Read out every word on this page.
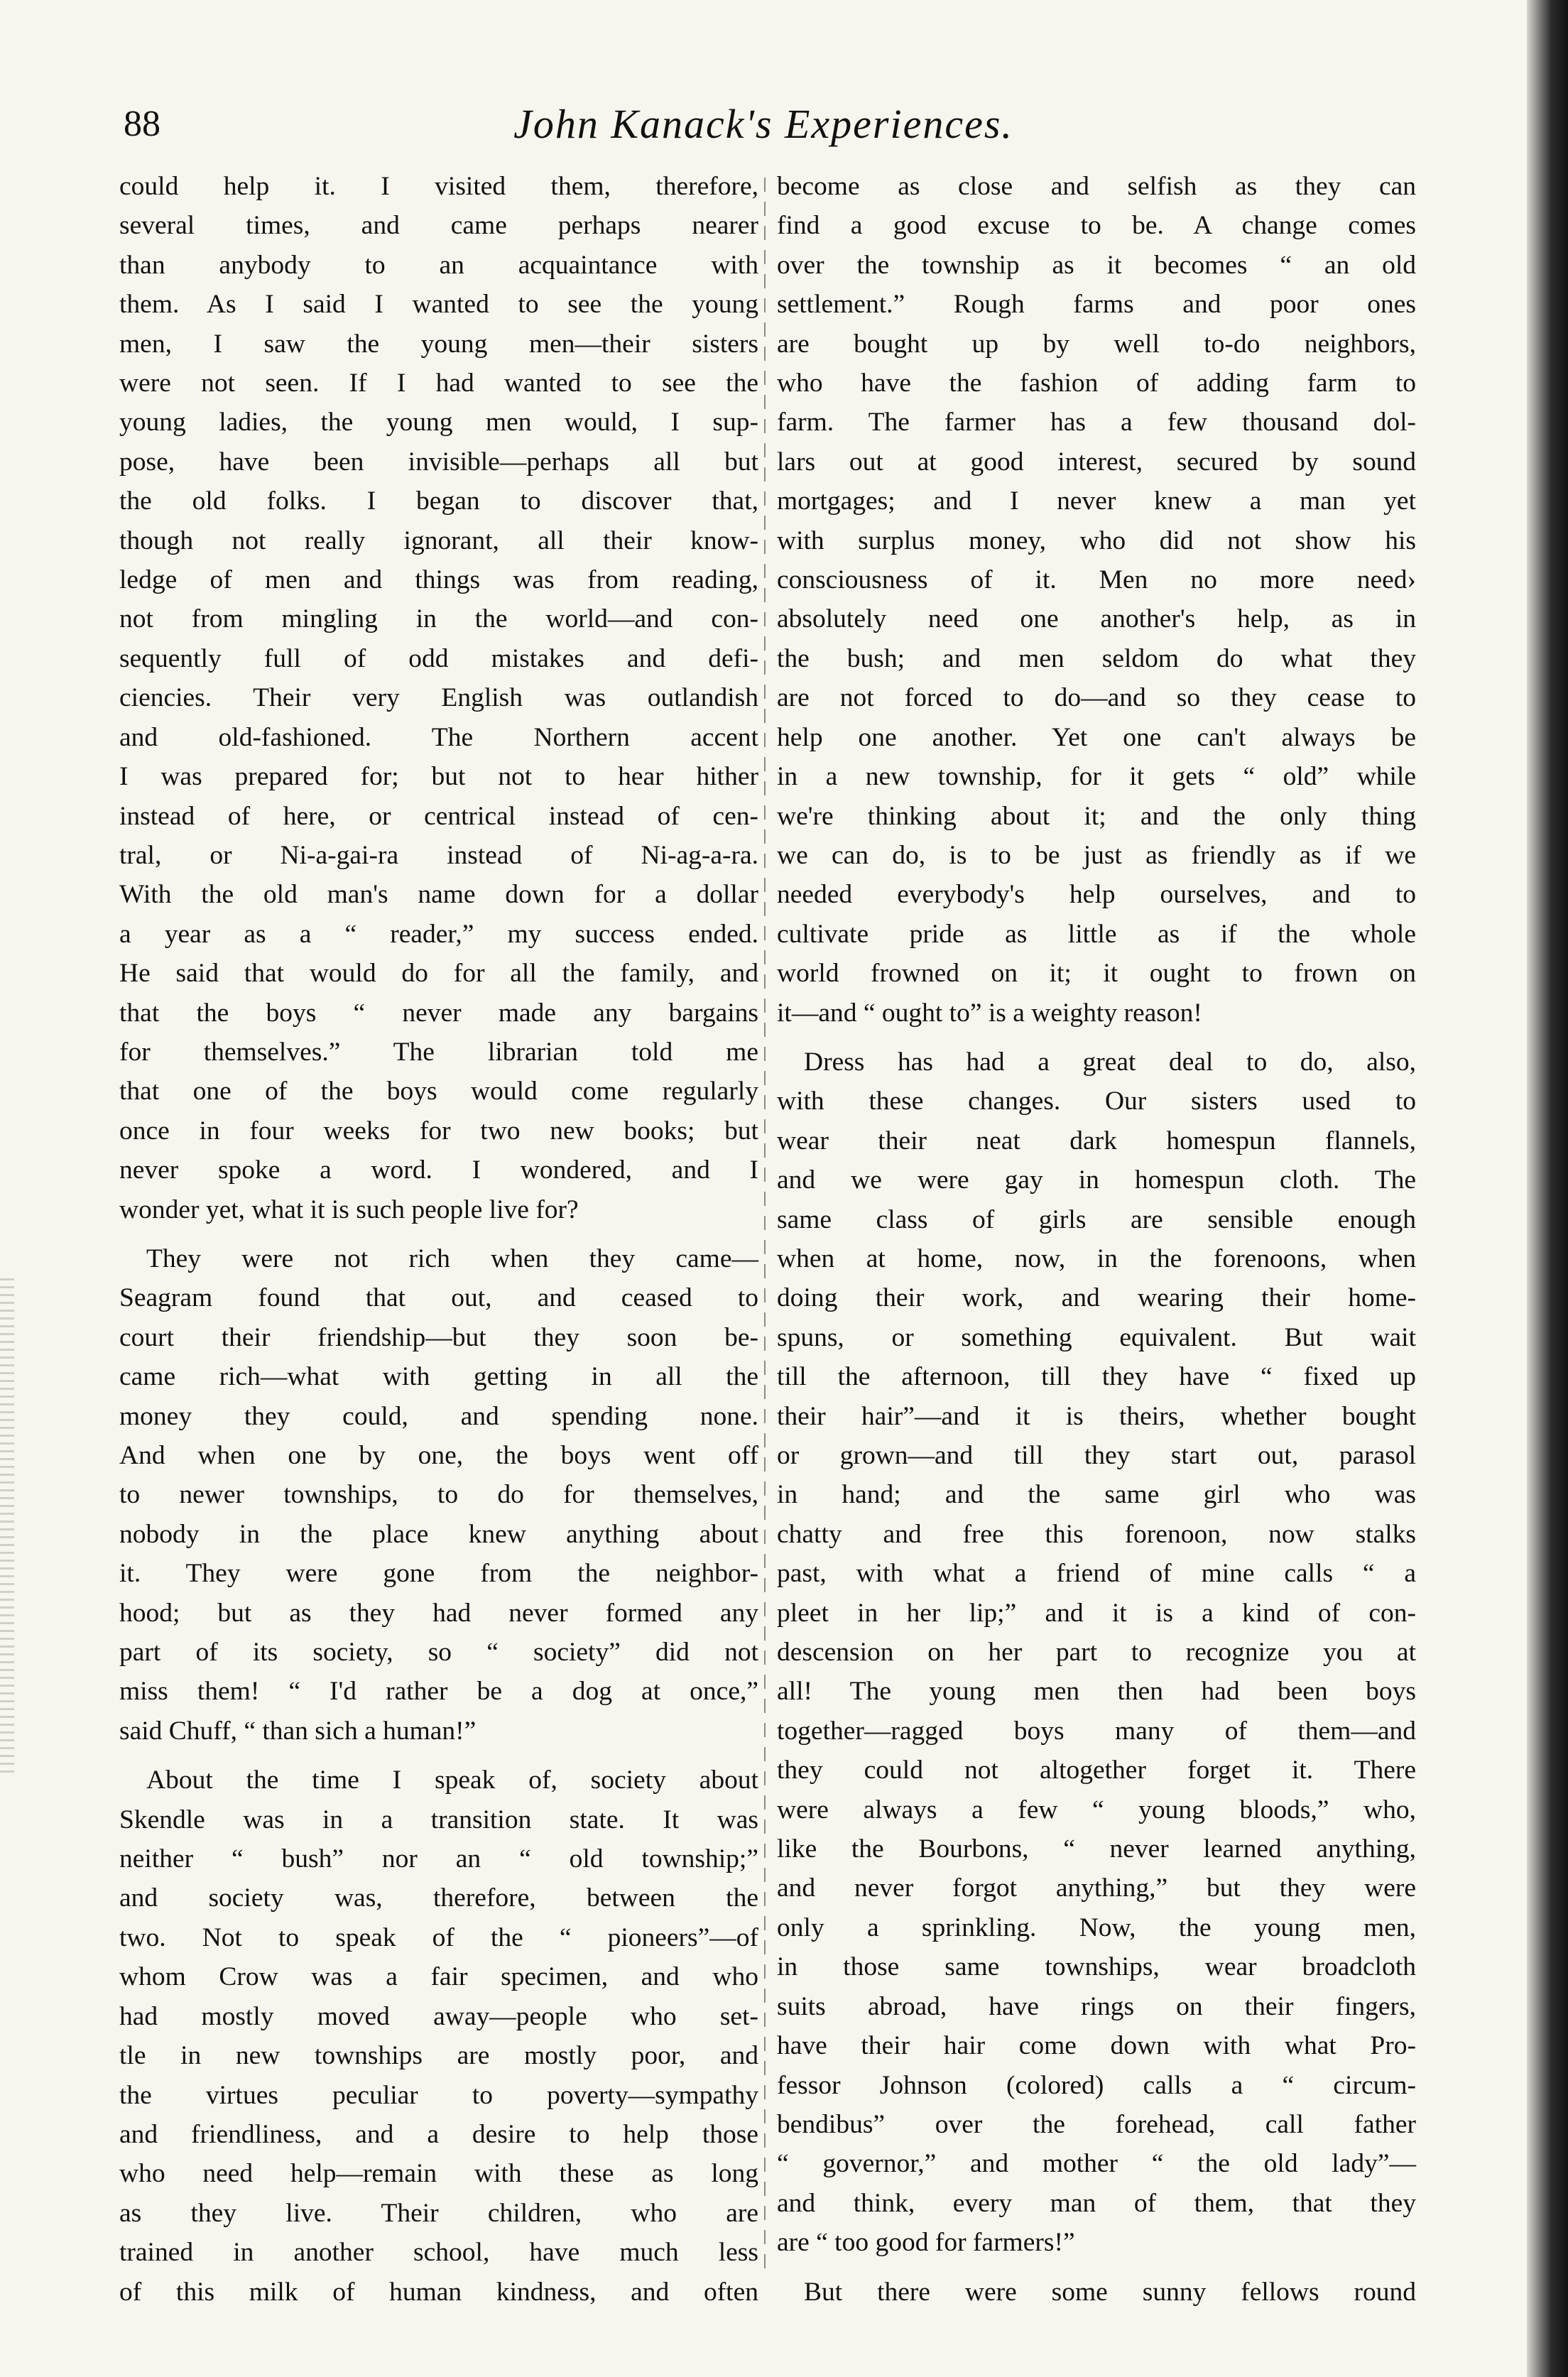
88	John Kanack's Experiences.
could help it. I visited them, therefore,
several times, and came perhaps nearer
than anybody to an acquaintance with
them. As I said I wanted to see the young
men, I saw the young men—their sisters
were not seen. If I had wanted to see the
young ladies, the young men would, I sup-
pose, have been invisible—perhaps all but
the old folks. I began to discover that,
though not really ignorant, all their know-
ledge of men and things was from reading,
not from mingling in the world—and con-
sequently full of odd mistakes and defi-
ciencies. Their very English was outlandish
and old-fashioned. The Northern accent
I was prepared for; but not to hear hither
instead of here, or centrical instead of cen-
tral, or Ni-a-gai-ra instead of Ni-ag-a-ra.
With the old man's name down for a dollar
a year as a “ reader,” my success ended.
He said that would do for all the family, and
that the boys “ never made any bargains
for themselves.” The librarian told me
that one of the boys would come regularly
once in four weeks for two new books; but
never spoke a word. I wondered, and I
wonder yet, what it is such people live for?
They were not rich when they came—
Seagram found that out, and ceased to
court their friendship—but they soon be-
came rich—what with getting in all the
money they could, and spending none.
And when one by one, the boys went off
to newer townships, to do for themselves,
nobody in the place knew anything about
it. They were gone from the neighbor-
hood; but as they had never formed any
part of its society, so “ society” did not
miss them! “ I'd rather be a dog at once,”
said Chuff, “ than sich a human!”
About the time I speak of, society about
Skendle was in a transition state. It was
neither “ bush” nor an “ old township;”
and society was, therefore, between the
two. Not to speak of the “ pioneers”—of
whom Crow was a fair specimen, and who
had mostly moved away—people who set-
tle in new townships are mostly poor, and
the virtues peculiar to poverty—sympathy
and friendliness, and a desire to help those
who need help—remain with these as long
as they live. Their children, who are
trained in another school, have much less
of this milk of human kindness, and often
become as close and selfish as they can
find a good excuse to be. A change comes
over the township as it becomes “ an old
settlement.” Rough farms and poor ones
are bought up by well to-do neighbors,
who have the fashion of adding farm to
farm. The farmer has a few thousand dol-
lars out at good interest, secured by sound
mortgages; and I never knew a man yet
with surplus money, who did not show his
consciousness of it. Men no more need›
absolutely need one another's help, as in
the bush; and men seldom do what they
are not forced to do—and so they cease to
help one another. Yet one can't always be
in a new township, for it gets “ old” while
we're thinking about it; and the only thing
we can do, is to be just as friendly as if we
needed everybody's help ourselves, and to
cultivate pride as little as if the whole
world frowned on it; it ought to frown on
it—and “ ought to” is a weighty reason!
Dress has had a great deal to do, also,
with these changes. Our sisters used to
wear their neat dark homespun flannels,
and we were gay in homespun cloth. The
same class of girls are sensible enough
when at home, now, in the forenoons, when
doing their work, and wearing their home-
spuns, or something equivalent. But wait
till the afternoon, till they have “ fixed up
their hair”—and it is theirs, whether bought
or grown—and till they start out, parasol
in hand; and the same girl who was
chatty and free this forenoon, now stalks
past, with what a friend of mine calls “ a
pleet in her lip;” and it is a kind of con-
descension on her part to recognize you at
all! The young men then had been boys
together—ragged boys many of them—and
they could not altogether forget it. There
were always a few “ young bloods,” who,
like the Bourbons, “ never learned anything,
and never forgot anything,” but they were
only a sprinkling. Now, the young men,
in those same townships, wear broadcloth
suits abroad, have rings on their fingers,
have their hair come down with what Pro-
fessor Johnson (colored) calls a “ circum-
bendibus” over the forehead, call father
“ governor,” and mother “ the old lady”—
and think, every man of them, that they
are “ too good for farmers!”
But there were some sunny fellows round
